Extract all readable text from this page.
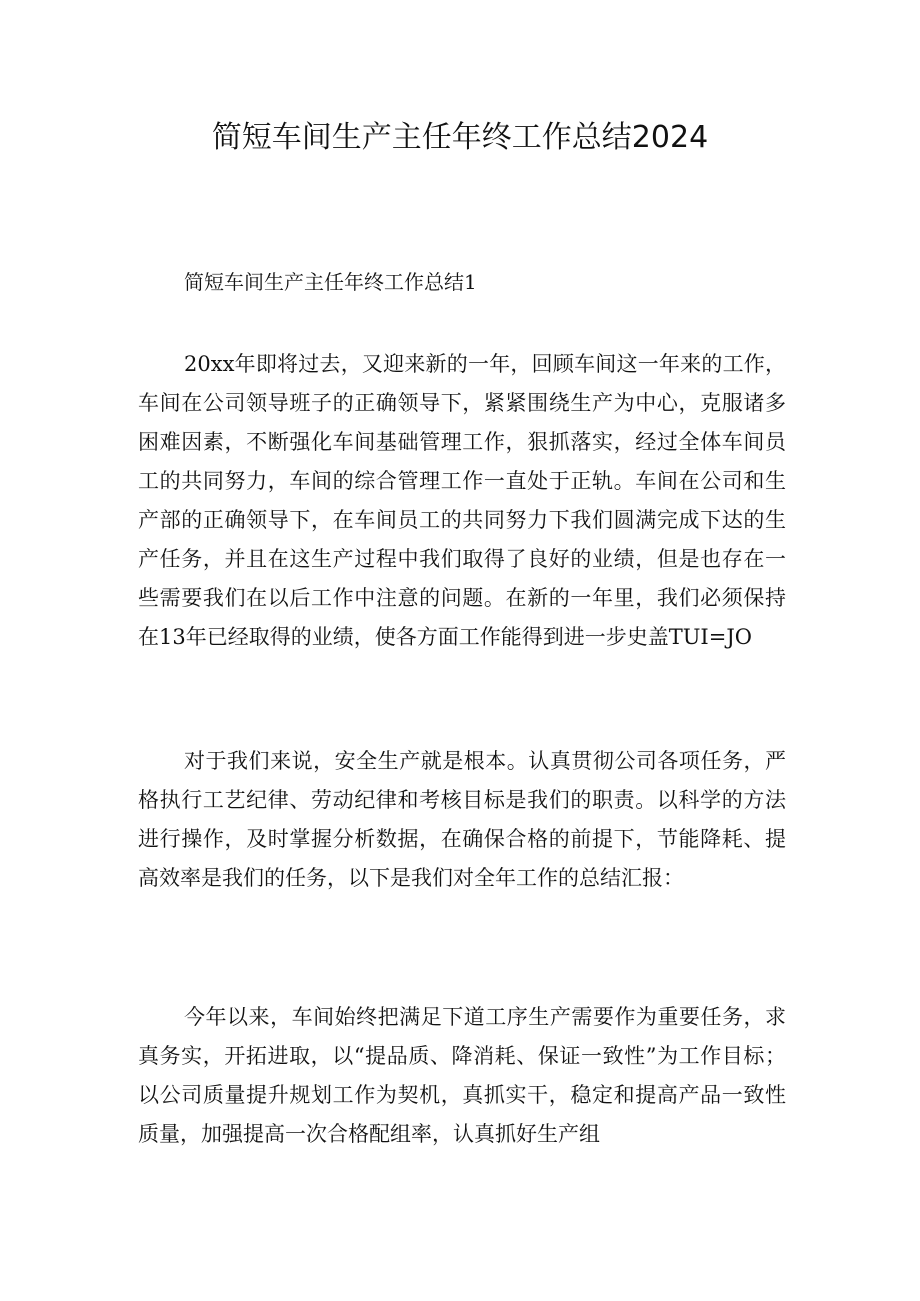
简短车间生产主任年终工作总结2024
简短车间生产主任年终工作总结1

20xx年即将过去，又迎来新的一年，回顾车间这一年来的工作，车间在公司领导班子的正确领导下，紧紧围绕生产为中心，克服诸多困难因素，不断强化车间基础管理工作，狠抓落实，经过全体车间员工的共同努力，车间的综合管理工作一直处于正轨。车间在公司和生产部的正确领导下，在车间员工的共同努力下我们圆满完成下达的生产任务，并且在这生产过程中我们取得了良好的业绩，但是也存在一些需要我们在以后工作中注意的问题。在新的一年里，我们必须保持在13年已经取得的业绩，使各方面工作能得到进一步史盖TUI=JO

对于我们来说，安全生产就是根本。认真贯彻公司各项任务，严格执行工艺纪律、劳动纪律和考核目标是我们的职责。以科学的方法进行操作，及时掌握分析数据，在确保合格的前提下，节能降耗、提高效率是我们的任务，以下是我们对全年工作的总结汇报：

今年以来，车间始终把满足下道工序生产需要作为重要任务，求真务实，开拓进取，以“提品质、降消耗、保证一致性”为工作目标；以公司质量提升规划工作为契机，真抓实干，稳定和提高产品一致性质量，加强提高一次合格配组率，认真抓好生产组
